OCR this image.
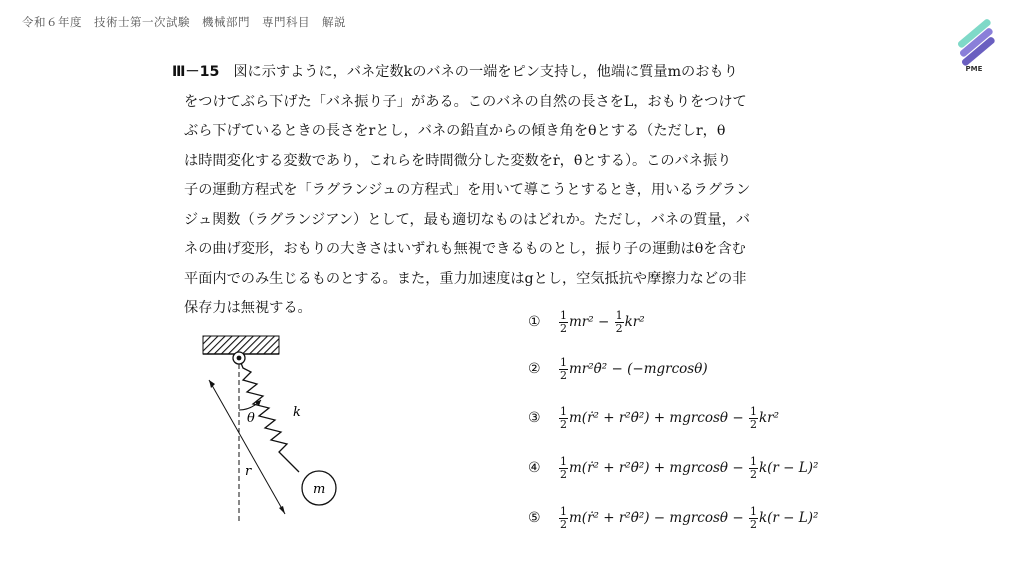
令和６年度　技術士第一次試験　機械部門　専門科目　解説
PME
Ⅲ－15 図に示すように，バネ定数kのバネの一端をピン支持し，他端に質量mのおもり
をつけてぶら下げた「バネ振り子」がある。このバネの自然の長さをL，おもりをつけて
ぶら下げているときの長さをrとし，バネの鉛直からの傾き角をθとする（ただしr，θ
は時間変化する変数であり，これらを時間微分した変数をṙ，θ̇とする）。このバネ振り
子の運動方程式を「ラグランジュの方程式」を用いて導こうとするとき，用いるラグラン
ジュ関数（ラグランジアン）として，最も適切なものはどれか。ただし，バネの質量，バ
ネの曲げ変形，おもりの大きさはいずれも無視できるものとし，振り子の運動はθを含む
平面内でのみ生じるものとする。また，重力加速度はgとし，空気抵抗や摩擦力などの非
保存力は無視する。
θ	k
r
m
①	$\frac{1}{2} mr^2 - \frac{1}{2} kr^2$
②	$\frac{1}{2}$ mr²θ̇² − (−mgrcosθ)
③	$\frac{1}{2}$ m(ṙ² + r²θ̇²) + $mgrcos\theta - \frac{1}{2} kr^2$
④	$\frac{1}{2}$ m(ṙ² + r²θ̇²) + $mgrcos\theta - \frac{1}{2} k(r - L)^2$
⑤	$\frac{1}{2}$ m(ṙ² + r²θ̇²) − $mgrcos\theta - \frac{1}{2} k(r - L)^2$
